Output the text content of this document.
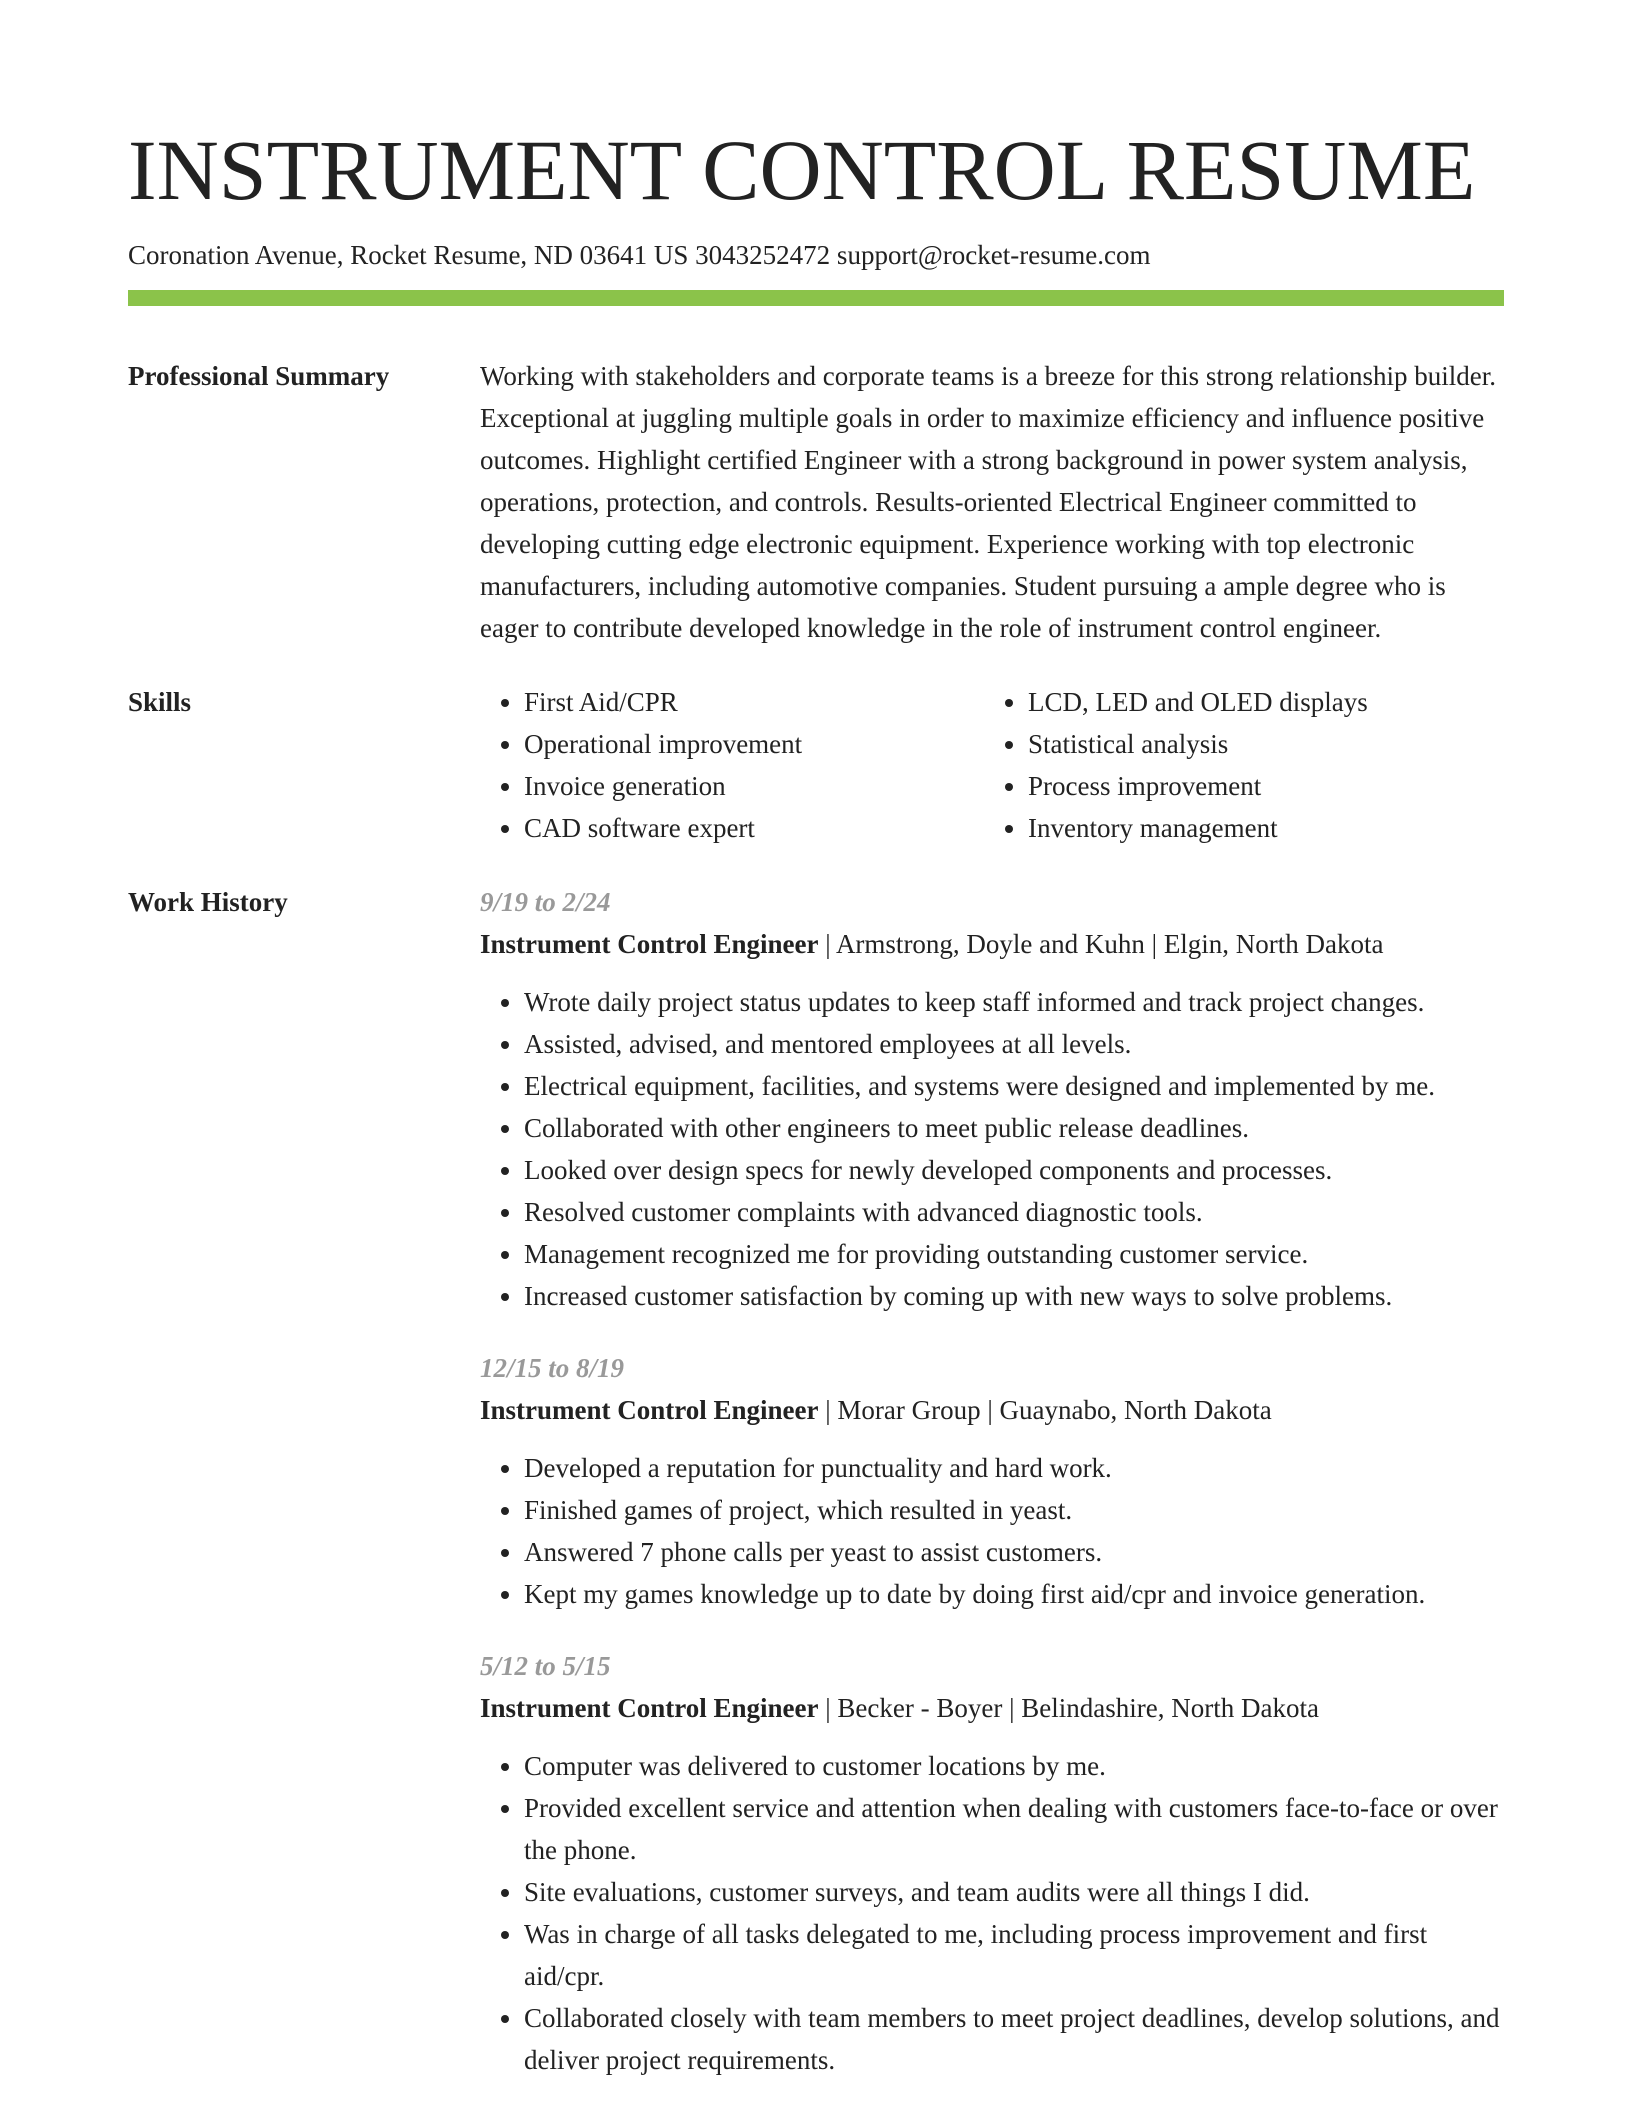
INSTRUMENT CONTROL RESUME
Coronation Avenue, Rocket Resume, ND 03641 US 3043252472 support@rocket-resume.com
Professional Summary	Working with stakeholders and corporate teams is a breeze for this strong relationship builder. Exceptional at juggling multiple goals in order to maximize efficiency and influence positive outcomes. Highlight certified Engineer with a strong background in power system analysis, operations, protection, and controls. Results-oriented Electrical Engineer committed to developing cutting edge electronic equipment. Experience working with top electronic manufacturers, including automotive companies. Student pursuing a ample degree who is eager to contribute developed knowledge in the role of instrument control engineer.

Skills
•	First Aid/CPR
• Operational improvement
• Invoice generation
• CAD software expert
• LCD, LED and OLED displays
• Statistical analysis
• Process improvement
• Inventory management
Work History	9/19 to 2/24
Instrument Control Engineer | Armstrong, Doyle and Kuhn | Elgin, North Dakota
• Wrote daily project status updates to keep staff informed and track project changes.
• Assisted, advised, and mentored employees at all levels.
• Electrical equipment, facilities, and systems were designed and implemented by me.
• Collaborated with other engineers to meet public release deadlines.
• Looked over design specs for newly developed components and processes.
• Resolved customer complaints with advanced diagnostic tools.
• Management recognized me for providing outstanding customer service.
• Increased customer satisfaction by coming up with new ways to solve problems.
12/15 to 8/19
Instrument Control Engineer | Morar Group | Guaynabo, North Dakota
• Developed a reputation for punctuality and hard work.
• Finished games of project, which resulted in yeast.
• Answered 7 phone calls per yeast to assist customers.
• Kept my games knowledge up to date by doing first aid/cpr and invoice generation.
5/12 to 5/15
Instrument Control Engineer | Becker - Boyer | Belindashire, North Dakota
• Computer was delivered to customer locations by me.
• Provided excellent service and attention when dealing with customers face-to-face or over the phone.
• Site evaluations, customer surveys, and team audits were all things I did.
• Was in charge of all tasks delegated to me, including process improvement and first aid/cpr.
• Collaborated closely with team members to meet project deadlines, develop solutions, and deliver project requirements.
